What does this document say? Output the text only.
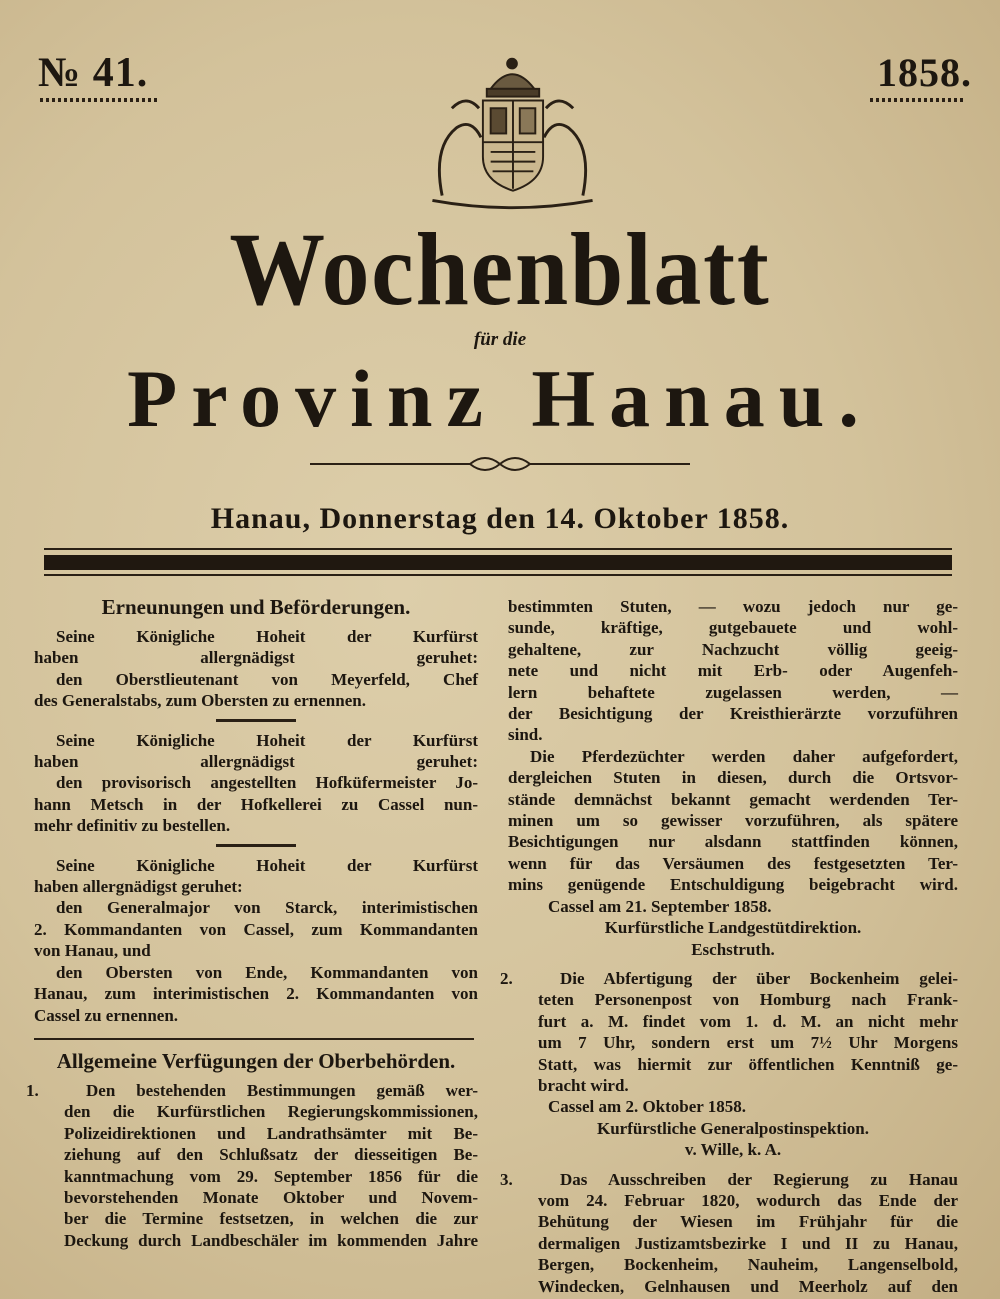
№ 41.	1858.
Wochenblatt
für die
Provinz Hanau.
Hanau, Donnerstag den 14. Oktober 1858.
Erneunungen und Beförderungen.
Seine Königliche Hoheit der Kurfürst
haben allergnädigst geruhet:
den Oberstlieutenant von Meyerfeld, Chef
des Generalstabs, zum Obersten zu ernennen.
Seine Königliche Hoheit der Kurfürst
haben allergnädigst geruhet:
den provisorisch angestellten Hofküfermeister Jo-
hann Metsch in der Hofkellerei zu Cassel nun-
mehr definitiv zu bestellen.
Seine Königliche Hoheit der Kurfürst
haben allergnädigst geruhet:
den Generalmajor von Starck, interimistischen
2. Kommandanten von Cassel, zum Kommandanten
von Hanau, und
den Obersten von Ende, Kommandanten von
Hanau, zum interimistischen 2. Kommandanten von
Cassel zu ernennen.
Allgemeine Verfügungen der Oberbehörden.
1.	Den bestehenden Bestimmungen gemäß wer-
den die Kurfürstlichen Regierungskommissionen,
Polizeidirektionen und Landrathsämter mit Be-
ziehung auf den Schlußsatz der diesseitigen Be-
kanntmachung vom 29. September 1856 für die
bevorstehenden Monate Oktober und Novem-
ber die Termine festsetzen, in welchen die zur
Deckung durch Landbeschäler im kommenden Jahre
bestimmten Stuten, — wozu jedoch nur ge-
sunde, kräftige, gutgebauete und wohl-
gehaltene, zur Nachzucht völlig geeig-
nete und nicht mit Erb- oder Augenfeh-
lern behaftete zugelassen werden, —
der Besichtigung der Kreisthierärzte vorzuführen
sind.
Die Pferdezüchter werden daher aufgefordert,
dergleichen Stuten in diesen, durch die Ortsvor-
stände demnächst bekannt gemacht werdenden Ter-
minen um so gewisser vorzuführen, als spätere
Besichtigungen nur alsdann stattfinden können,
wenn für das Versäumen des festgesetzten Ter-
mins genügende Entschuldigung beigebracht wird.
Cassel am 21. September 1858.
Kurfürstliche Landgestütdirektion.
Eschstruth.
2.	Die Abfertigung der über Bockenheim gelei-
teten Personenpost von Homburg nach Frank-
furt a. M. findet vom 1. d. M. an nicht mehr
um 7 Uhr, sondern erst um 7½ Uhr Morgens
Statt, was hiermit zur öffentlichen Kenntniß ge-
bracht wird.
Cassel am 2. Oktober 1858.
Kurfürstliche Generalpostinspektion.
v. Wille, k. A.
3.	Das Ausschreiben der Regierung zu Hanau
vom 24. Februar 1820, wodurch das Ende der
Behütung der Wiesen im Frühjahr für die
dermaligen Justizamtsbezirke I und II zu Hanau,
Bergen, Bockenheim, Nauheim, Langenselbold,
Windecken, Gelnhausen und Meerholz auf den
